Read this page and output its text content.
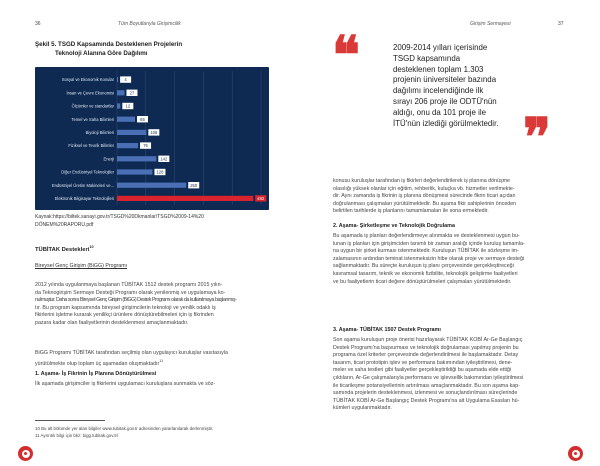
36	Tüm Boyutlarıyla Girişimcilik
Şekil 5. TSGD Kapsamında Desteklenen Projelerin
Teknoloji Alanına Göre Dağılımı
Sosyal ve Ekonomik Konular 4
İnsan ve Çevre Ekonomisi	27
Ölçümler ve standartlar	12
Temel ve Saha Bilimleri	65
Biyoloji Bilimleri	106
Fiziksel ve Teorik Bilimler	76
Enerji	142
Diğer Endüstriyel Teknolojiler	128
Endüstriyel Üretim Makineleri ve...	250
Elektronik Bilgisayar Teknolojileri	492
Kaynak:https://biltek.sanayi.gov.tr/TSGD%20Dkmanlar/TSGD%2009-14%20
DÖNEM%20RAPORU.pdf
TÜBİTAK Destekleri$^{10}$
Bireysel Genç Girişim (BiGG) Programı
2012 yılında uygulanmaya başlanan TÜBİTAK 1512 destek programı 2015 yılın-
da Teknogirişim Sermaye Desteği Programı olarak yenilenmiş ve uygulamaya ko-
nulmuştur. Daha sonra Bireysel Genç Girişim (BiGG) Destek Programı olarak da kullanılmaya başlanmış-
tır. Bu program kapsamında bireysel girişimcilerin teknoloji ve yenilik odaklı iş
fikirlerini işletme kurarak yenilikçi ürünlere dönüştürebilmeleri için iş fikrinden
pazara kadar olan faaliyetlerinin desteklenmesi amaçlanmaktadır.
BiGG Programı TÜBİTAK tarafından seçilmiş olan uygulayıcı kuruluşlar vasıtasıyla
yürütülmekte olup toplam üç aşamadan oluşmaktadır$^{11}$
1. Aşama- İş Fikrinin İş Planına Dönüştürülmesi
İlk aşamada girişimciler iş fikirlerini uygulamacı kuruluşlara sunmakta ve söz-
10 Bu alt bölümde yer alan bilgiler www.tubitak.gov.tr adresinden yararlanılarak derlenmiştir.
11 Ayrıntılı bilgi için bkz: bigg.tubitak.gov.tr/
Girişim Sermayesi	37
❝	2009-2014 yılları içerisinde
TSGD kapsamında
desteklenen toplam 1.303
projenin üniversiteler bazında
dağılımı incelendiğinde ilk
sırayı 206 proje ile ODTÜ'nün
aldığı, onu da 101 proje ile
İTÜ'nün izlediği görülmektedir. ❞
konusu kuruluşlar tarafından iş fikirleri değerlendirilerek iş planına dönüşme
olasılığı yüksek olanlar için eğitim, rehberlik, kuluçka vb. hizmetler verilmekte-
dir. Aynı zamanda iş fikrinin iş planına dönüşmesi sürecinde fikrin ticari açıdan
doğrulanması çalışmaları yürütülmektedir. Bu aşama fikir sahiplerinin önceden
belirtilen tarihlerde iş planlarını tamamlamaları ile sona ermektedir.
2. Aşama- Şirketleşme ve Teknolojik Doğrulama
Bu aşamada iş planları değerlendirmeye alınmakta ve desteklenmesi uygun bu-
lunan iş planları için girişimciden tanımlı bir zaman aralığı içinde kuruluş tamamla-
na uygun bir şirket kurması istenmektedir. Kuruluşun TÜBİTAK ile sözleşme im-
zalamasının ardından teminat istenmeksizin hibe olarak proje ve sermaye desteği
sağlanmaktadır. Bu süreçte kuruluşun iş planı çerçevesinde gerçekleştireceği
kavramsal tasarım, teknik ve ekonomik fizibilite, teknolojik geliştirme faaliyetleri
ve bu faaliyetlerin ticari değere dönüştürülmeleri çalışmaları yürütülmektedir.
3. Aşama- TÜBİTAK 1507 Destek Programı
Son aşama kuruluşun proje önerisi hazırlayarak TÜBİTAK KOBİ Ar-Ge Başlangıç
Destek Programı'na başvurması ve teknolojik doğrulaması yapılmış projenin bu
programa özel kriterler çerçevesinde değerlendirilmesi ile başlamaktadır. Detay
tasarım, ticari prototipin işlev ve performans bakımından iyileştirilmesi, dene-
meler ve saha testleri gibi faaliyetler gerçekleştirildiği bu aşamada elde ettiği
çıktıların, Ar-Ge çalışmalarıyla performans ve işlevsellik bakımından iyileştirilmesi
ile ticarileşme potansiyellerinin artırılması amaçlanmaktadır. Bu son aşama kap-
samında projelerin desteklenmesi, izlenmesi ve sonuçlandırılması süreçlerinde
TÜBİTAK KOBİ Ar-Ge Başlangıç Destek Programı'na ait Uygulama Esasları hü-
kümleri uygulanmaktadır.
